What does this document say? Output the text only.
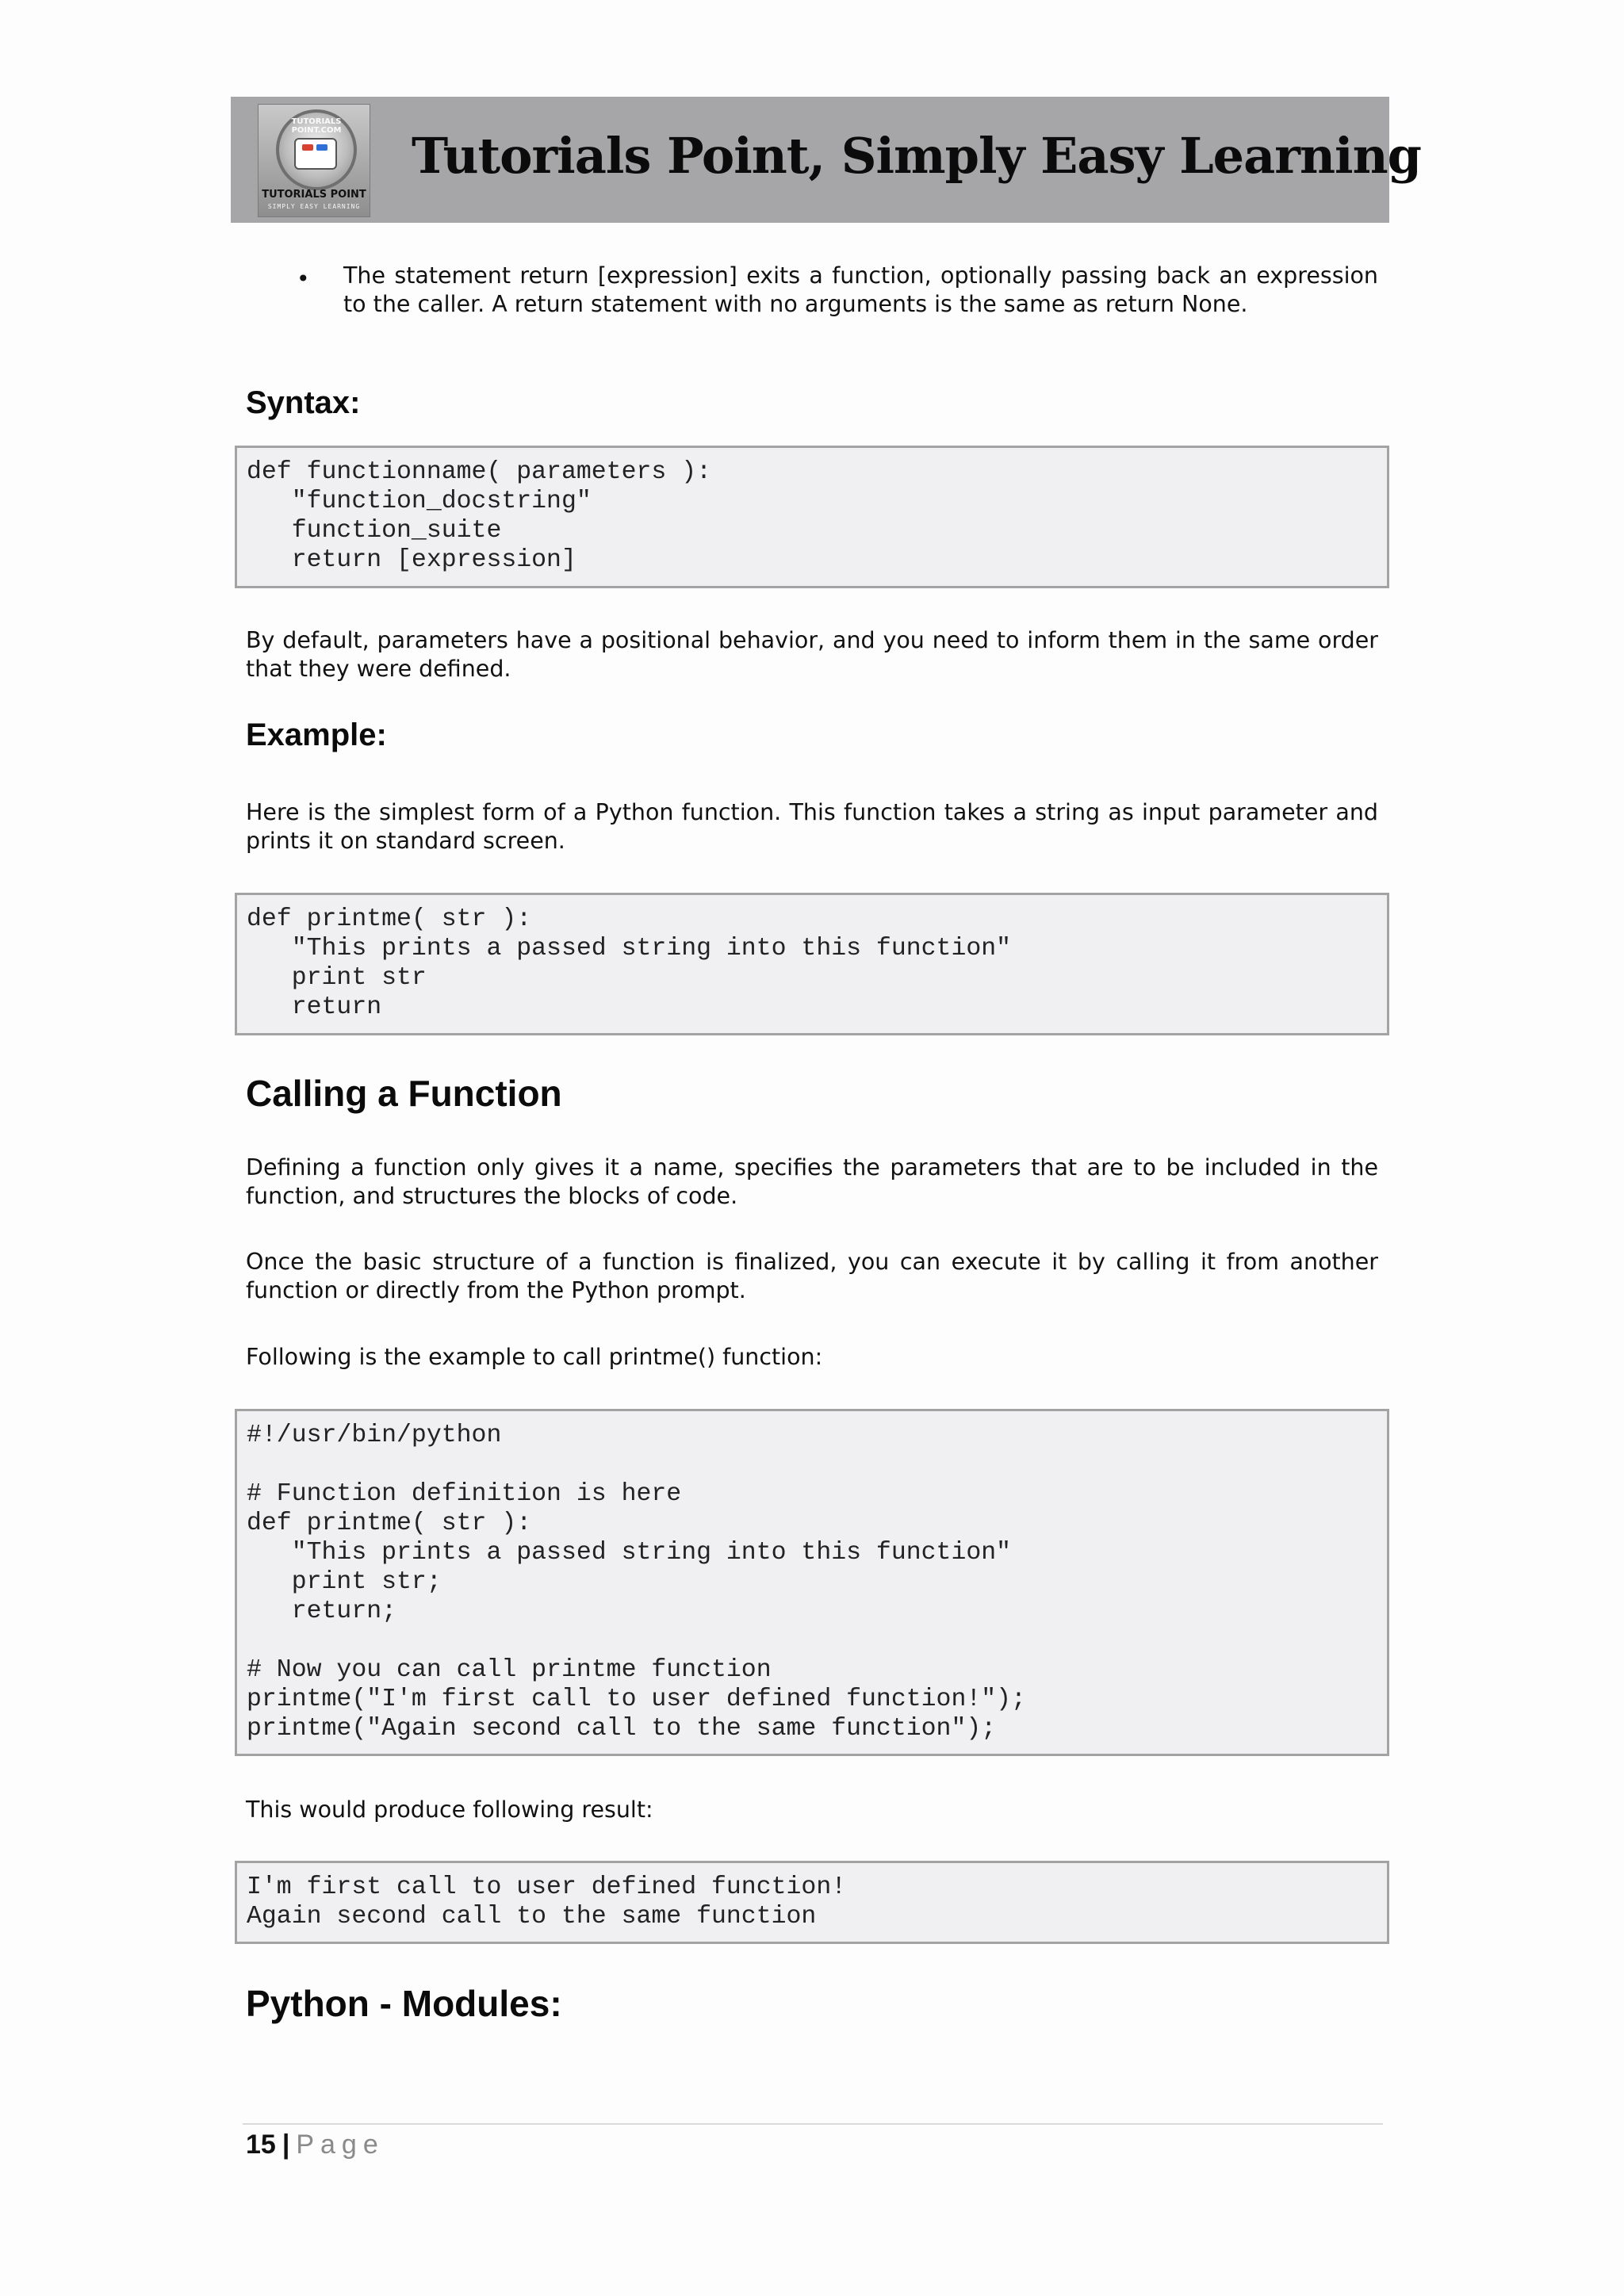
TUTORIALS POINT.COM
TUTORIALS POINT
SIMPLY EASY LEARNING
Tutorials Point, Simply Easy Learning
• The statement return [expression] exits a function, optionally passing back an expression to the caller. A return statement with no arguments is the same as return None.
Syntax:
def functionname( parameters ):
"function_docstring"
function_suite
return [expression]
By default, parameters have a positional behavior, and you need to inform them in the same order that they were defined.
Example:
Here is the simplest form of a Python function. This function takes a string as input parameter and prints it on standard screen.
def printme( str ):
"This prints a passed string into this function"
print str
return
Calling a Function
Defining a function only gives it a name, specifies the parameters that are to be included in the function, and structures the blocks of code.
Once the basic structure of a function is finalized, you can execute it by calling it from another function or directly from the Python prompt.
Following is the example to call printme() function:
#!/usr/bin/python

# Function definition is here
def printme( str ):
"This prints a passed string into this function"
print str;
return;

# Now you can call printme function
printme("I'm first call to user defined function!");
printme("Again second call to the same function");
This would produce following result:
I'm first call to user defined function!
Again second call to the same function
Python - Modules:
15 | Page
